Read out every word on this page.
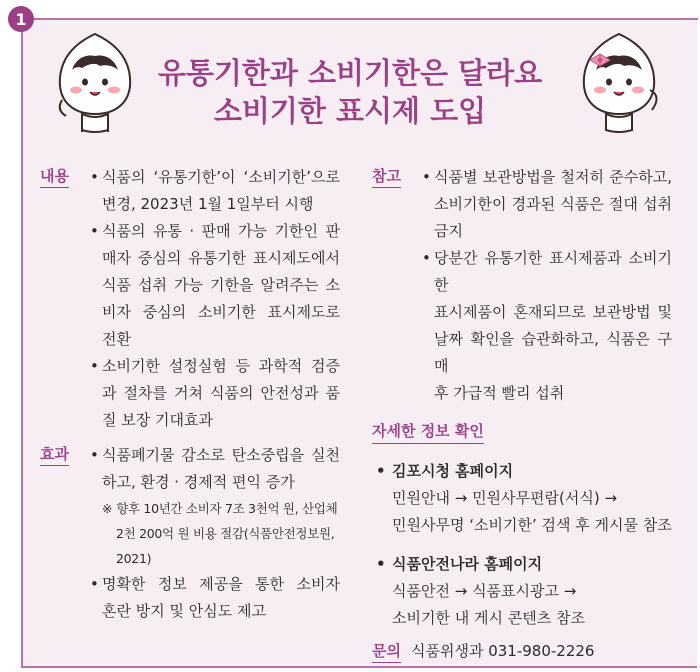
1
유통기한과 소비기한은 달라요
소비기한 표시제 도입
내용 • 식품의 ‘유통기한’이 ‘소비기한’으로
변경, 2023년 1월 1일부터 시행
• 식품의 유통 · 판매 가능 기한인 판
매자 중심의 유통기한 표시제도에서
식품 섭취 가능 기한을 알려주는 소
비자 중심의 소비기한 표시제도로
전환
• 소비기한 설정실험 등 과학적 검증
과 절차를 거쳐 식품의 안전성과 품
질 보장 기대효과
효과 • 식품폐기물 감소로 탄소중립을 실천
하고, 환경 · 경제적 편익 증가
※ 향후 10년간 소비자 7조 3천억 원, 산업체
2천 200억 원 비용 절감(식품안전정보원,
2021)
• 명확한 정보 제공을 통한 소비자
혼란 방지 및 안심도 제고
참고 • 식품별 보관방법을 철저히 준수하고,
소비기한이 경과된 식품은 절대 섭취
금지
• 당분간 유통기한 표시제품과 소비기한
표시제품이 혼재되므로 보관방법 및
날짜 확인을 습관화하고, 식품은 구매
후 가급적 빨리 섭취
자세한 정보 확인
• 김포시청 홈페이지
민원안내 → 민원사무편람(서식) →
민원사무명 ‘소비기한’ 검색 후 게시물 참조
• 식품안전나라 홈페이지
식품안전 → 식품표시광고 →
소비기한 내 게시 콘텐츠 참조
문의 식품위생과 031-980-2226
